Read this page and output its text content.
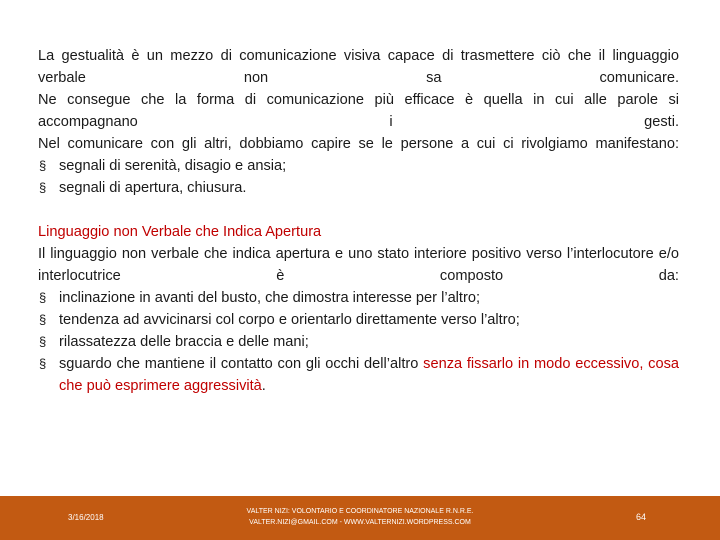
La gestualità è un mezzo di comunicazione visiva capace di trasmettere ciò che il linguaggio verbale non sa comunicare.

Ne consegue che la forma di comunicazione più efficace è quella in cui alle parole si accompagnano i gesti.

Nel comunicare con gli altri, dobbiamo capire se le persone a cui ci rivolgiamo manifestano:

§ segnali di serenità, disagio e ansia;
§ segnali di apertura, chiusura.

Linguaggio non Verbale che Indica Apertura

Il linguaggio non verbale che indica apertura e uno stato interiore positivo verso l’interlocutore e/o interlocutrice è composto da:

§ inclinazione in avanti del busto, che dimostra interesse per l’altro;
§ tendenza ad avvicinarsi col corpo e orientarlo direttamente verso l’altro;
§ rilassatezza delle braccia e delle mani;
§ sguardo che mantiene il contatto con gli occhi dell’altro senza fissarlo in modo eccessivo, cosa che può esprimere aggressività.
3/16/2018
VALTER NIZI: VOLONTARIO E COORDINATORE NAZIONALE R.N.R.E.
VALTER.NIZI@GMAIL.COM - WWW.VALTERNIZI.WORDPRESS.COM
64
